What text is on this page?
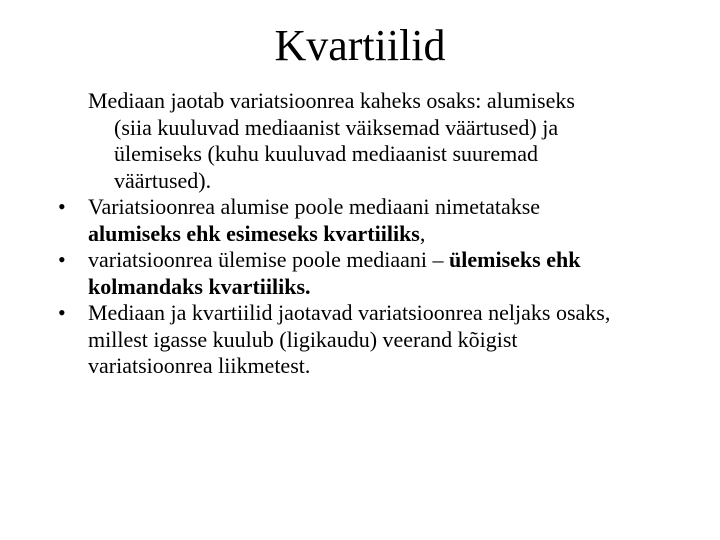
Kvartiilid
Mediaan jaotab variatsioonrea kaheks osaks: alumiseks
(siia kuuluvad mediaanist väiksemad väärtused) ja
ülemiseks (kuhu kuuluvad mediaanist suuremad
väärtused).
•	Variatsioonrea alumise poole mediaani nimetatakse
alumiseks ehk esimeseks kvartiiliks,
•	variatsioonrea ülemise poole mediaani – ülemiseks ehk
kolmandaks kvartiiliks.
•	Mediaan ja kvartiilid jaotavad variatsioonrea neljaks osaks,
millest igasse kuulub (ligikaudu) veerand kõigist
variatsioonrea liikmetest.
